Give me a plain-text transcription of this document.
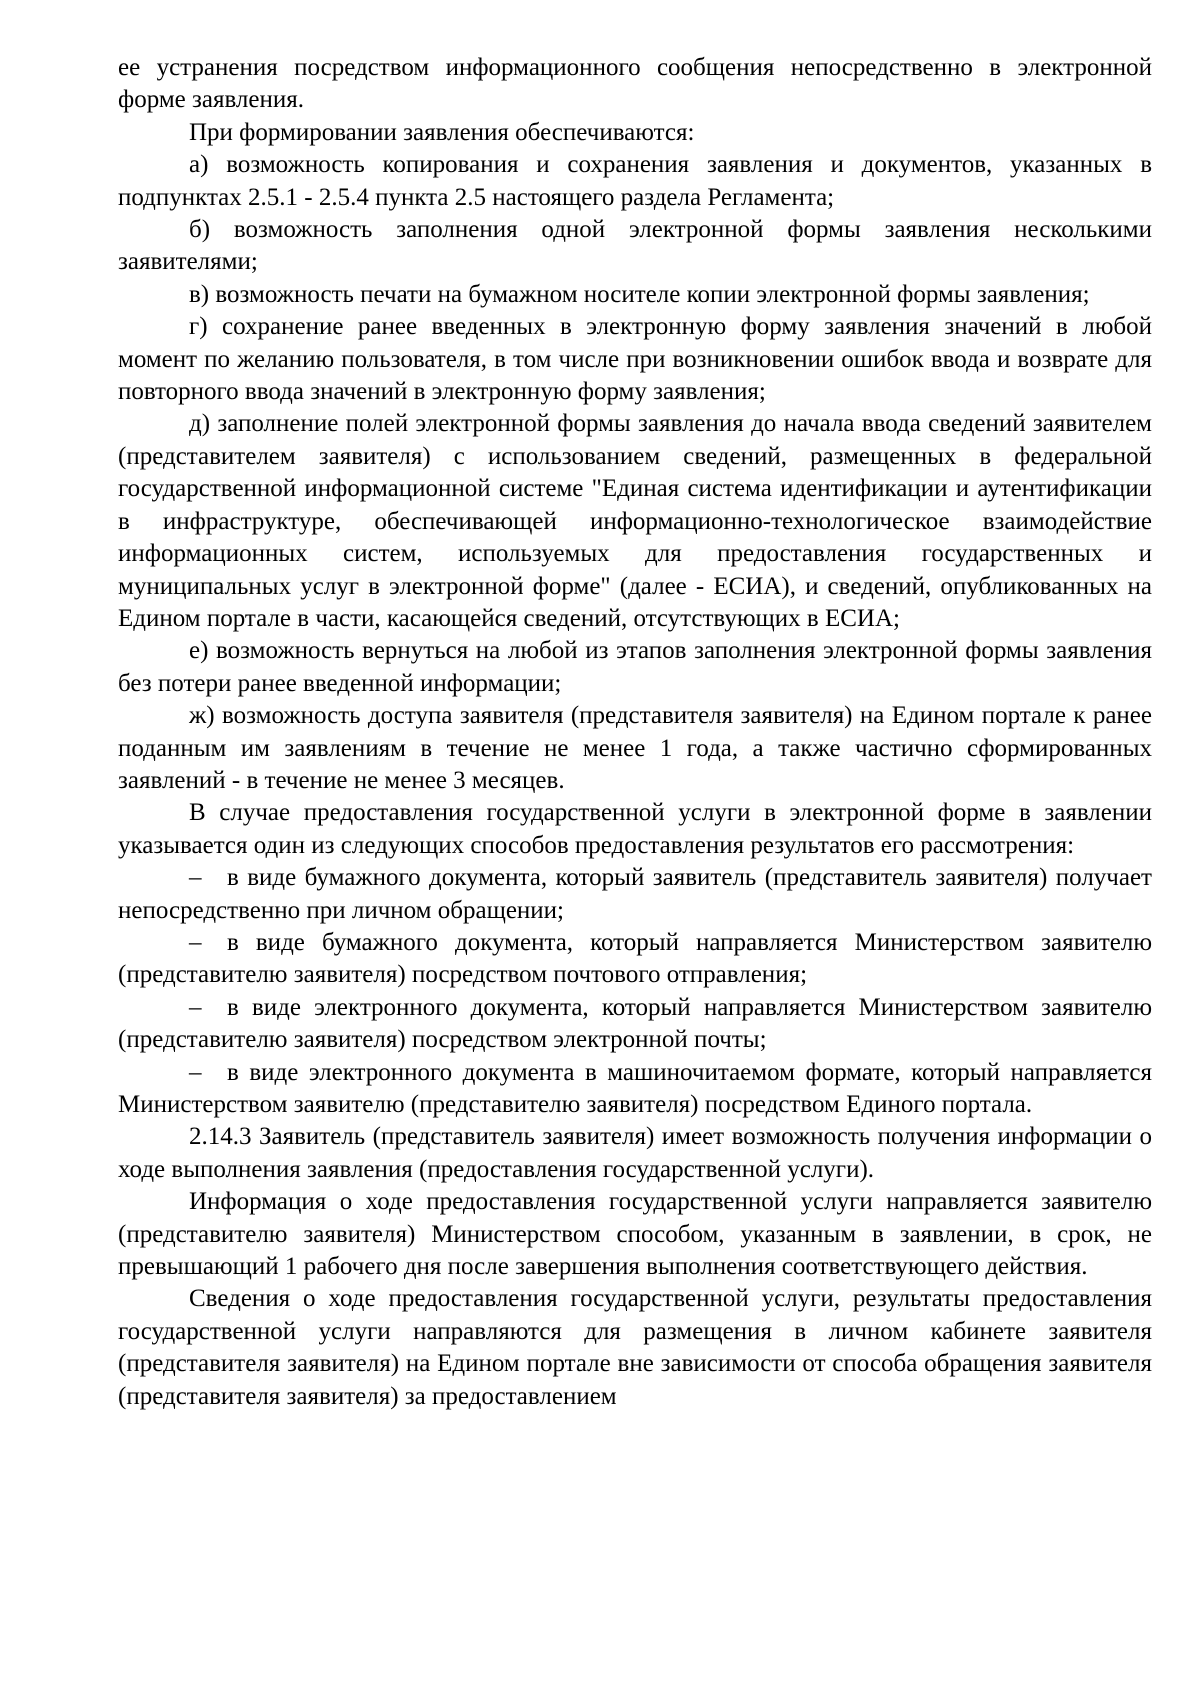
ее устранения посредством информационного сообщения непосредственно в электронной форме заявления.

При формировании заявления обеспечиваются:

а) возможность копирования и сохранения заявления и документов, указанных в подпунктах 2.5.1 - 2.5.4 пункта 2.5 настоящего раздела Регламента;

б) возможность заполнения одной электронной формы заявления несколькими заявителями;

в) возможность печати на бумажном носителе копии электронной формы заявления;

г) сохранение ранее введенных в электронную форму заявления значений в любой момент по желанию пользователя, в том числе при возникновении ошибок ввода и возврате для повторного ввода значений в электронную форму заявления;

д) заполнение полей электронной формы заявления до начала ввода сведений заявителем (представителем заявителя) с использованием сведений, размещенных в федеральной государственной информационной системе "Единая система идентификации и аутентификации в инфраструктуре, обеспечивающей информационно-технологическое взаимодействие информационных систем, используемых для предоставления государственных и муниципальных услуг в электронной форме" (далее - ЕСИА), и сведений, опубликованных на Едином портале в части, касающейся сведений, отсутствующих в ЕСИА;

е) возможность вернуться на любой из этапов заполнения электронной формы заявления без потери ранее введенной информации;

ж) возможность доступа заявителя (представителя заявителя) на Едином портале к ранее поданным им заявлениям в течение не менее 1 года, а также частично сформированных заявлений - в течение не менее 3 месяцев.

В случае предоставления государственной услуги в электронной форме в заявлении указывается один из следующих способов предоставления результатов его рассмотрения:

– в виде бумажного документа, который заявитель (представитель заявителя) получает непосредственно при личном обращении;

– в виде бумажного документа, который направляется Министерством заявителю (представителю заявителя) посредством почтового отправления;

– в виде электронного документа, который направляется Министерством заявителю (представителю заявителя) посредством электронной почты;

– в виде электронного документа в машиночитаемом формате, который направляется Министерством заявителю (представителю заявителя) посредством Единого портала.

2.14.3 Заявитель (представитель заявителя) имеет возможность получения информации о ходе выполнения заявления (предоставления государственной услуги).

Информация о ходе предоставления государственной услуги направляется заявителю (представителю заявителя) Министерством способом, указанным в заявлении, в срок, не превышающий 1 рабочего дня после завершения выполнения соответствующего действия.

Сведения о ходе предоставления государственной услуги, результаты предоставления государственной услуги направляются для размещения в личном кабинете заявителя (представителя заявителя) на Едином портале вне зависимости от способа обращения заявителя (представителя заявителя) за предоставлением
